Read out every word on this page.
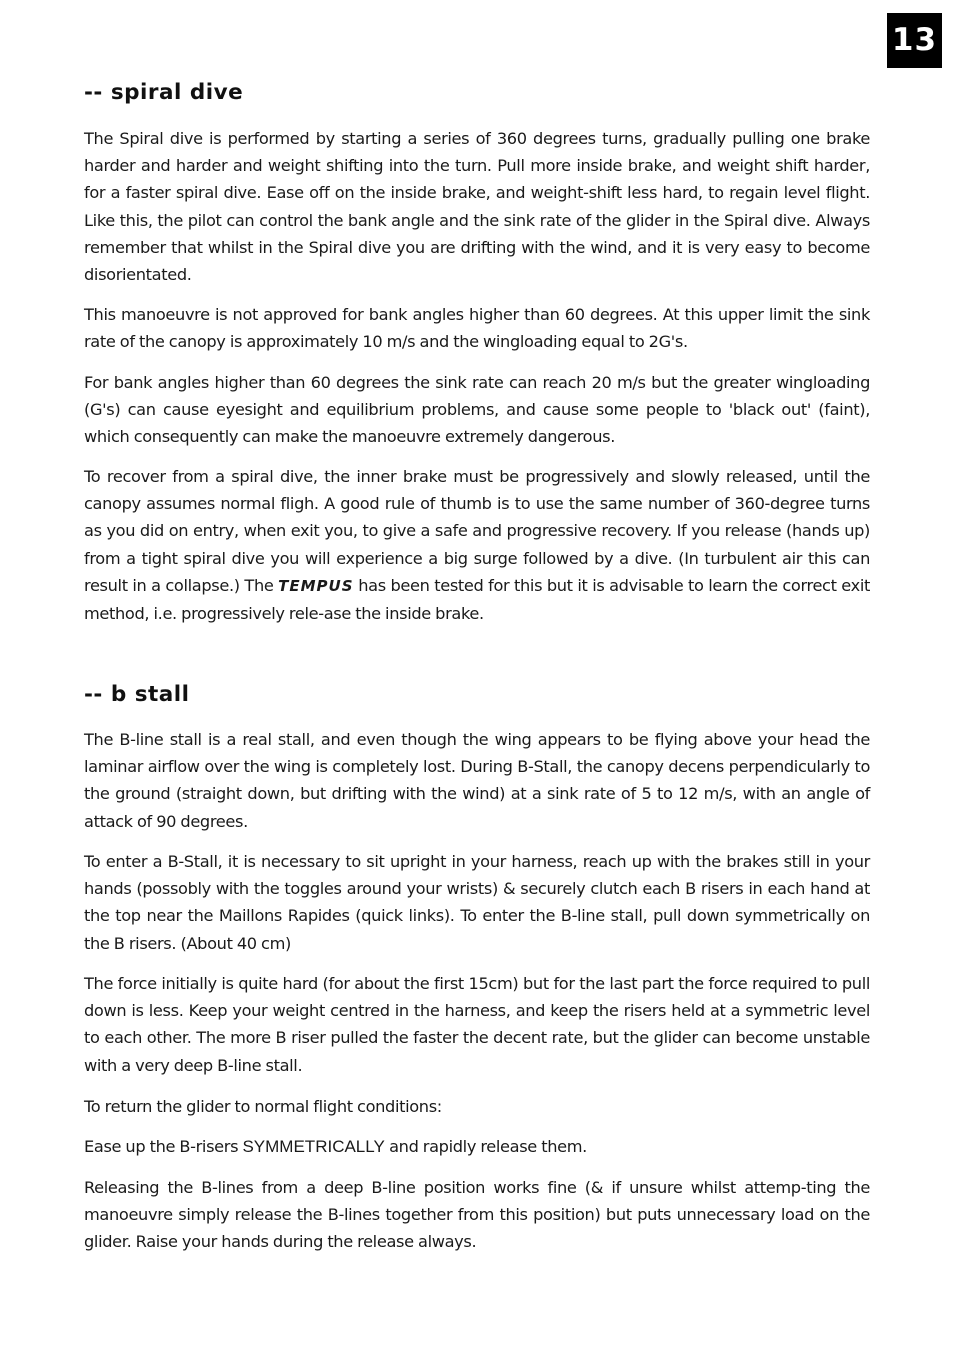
13
-- spiral dive

The Spiral dive is performed by starting a series of 360 degrees turns, gradually pulling one brake harder and harder and weight shifting into the turn. Pull more inside brake, and weight shift harder, for a faster spiral dive. Ease off on the inside brake, and weight-shift less hard, to regain level flight. Like this, the pilot can control the bank angle and the sink rate of the glider in the Spiral dive. Always remember that whilst in the Spiral dive you are drifting with the wind, and it is very easy to become disorientated.

This manoeuvre is not approved for bank angles higher than 60 degrees. At this upper limit the sink rate of the canopy is approximately 10 m/s and the wingloading equal to 2G's.

For bank angles higher than 60 degrees the sink rate can reach 20 m/s but the greater wingloading (G's) can cause eyesight and equilibrium problems, and cause some people to 'black out' (faint), which consequently can make the manoeuvre extremely dangerous.

To recover from a spiral dive, the inner brake must be progressively and slowly released, until the canopy assumes normal fligh. A good rule of thumb is to use the same number of 360-degree turns as you did on entry, when exit you, to give a safe and progressive recovery. If you release (hands up) from a tight spiral dive you will experience a big surge followed by a dive. (In turbulent air this can result in a collapse.) The TEMPUS has been tested for this but it is advisable to learn the correct exit method, i.e. progressively rele-ase the inside brake.

-- b stall

The B-line stall is a real stall, and even though the wing appears to be flying above your head the laminar airflow over the wing is completely lost. During B-Stall, the canopy decens perpendicularly to the ground (straight down, but drifting with the wind) at a sink rate of 5 to 12 m/s, with an angle of attack of 90 degrees.

To enter a B-Stall, it is necessary to sit upright in your harness, reach up with the brakes still in your hands (possobly with the toggles around your wrists) & securely clutch each B risers in each hand at the top near the Maillons Rapides (quick links). To enter the B-line stall, pull down symmetrically on the B risers. (About 40 cm)

The force initially is quite hard (for about the first 15cm) but for the last part the force required to pull down is less. Keep your weight centred in the harness, and keep the risers held at a symmetric level to each other. The more B riser pulled the faster the decent rate, but the glider can become unstable with a very deep B-line stall.

To return the glider to normal flight conditions:

Ease up the B-risers SYMMETRICALLY and rapidly release them.

Releasing the B-lines from a deep B-line position works fine (& if unsure whilst attemp-ting the manoeuvre simply release the B-lines together from this position) but puts unnecessary load on the glider. Raise your hands during the release always.
